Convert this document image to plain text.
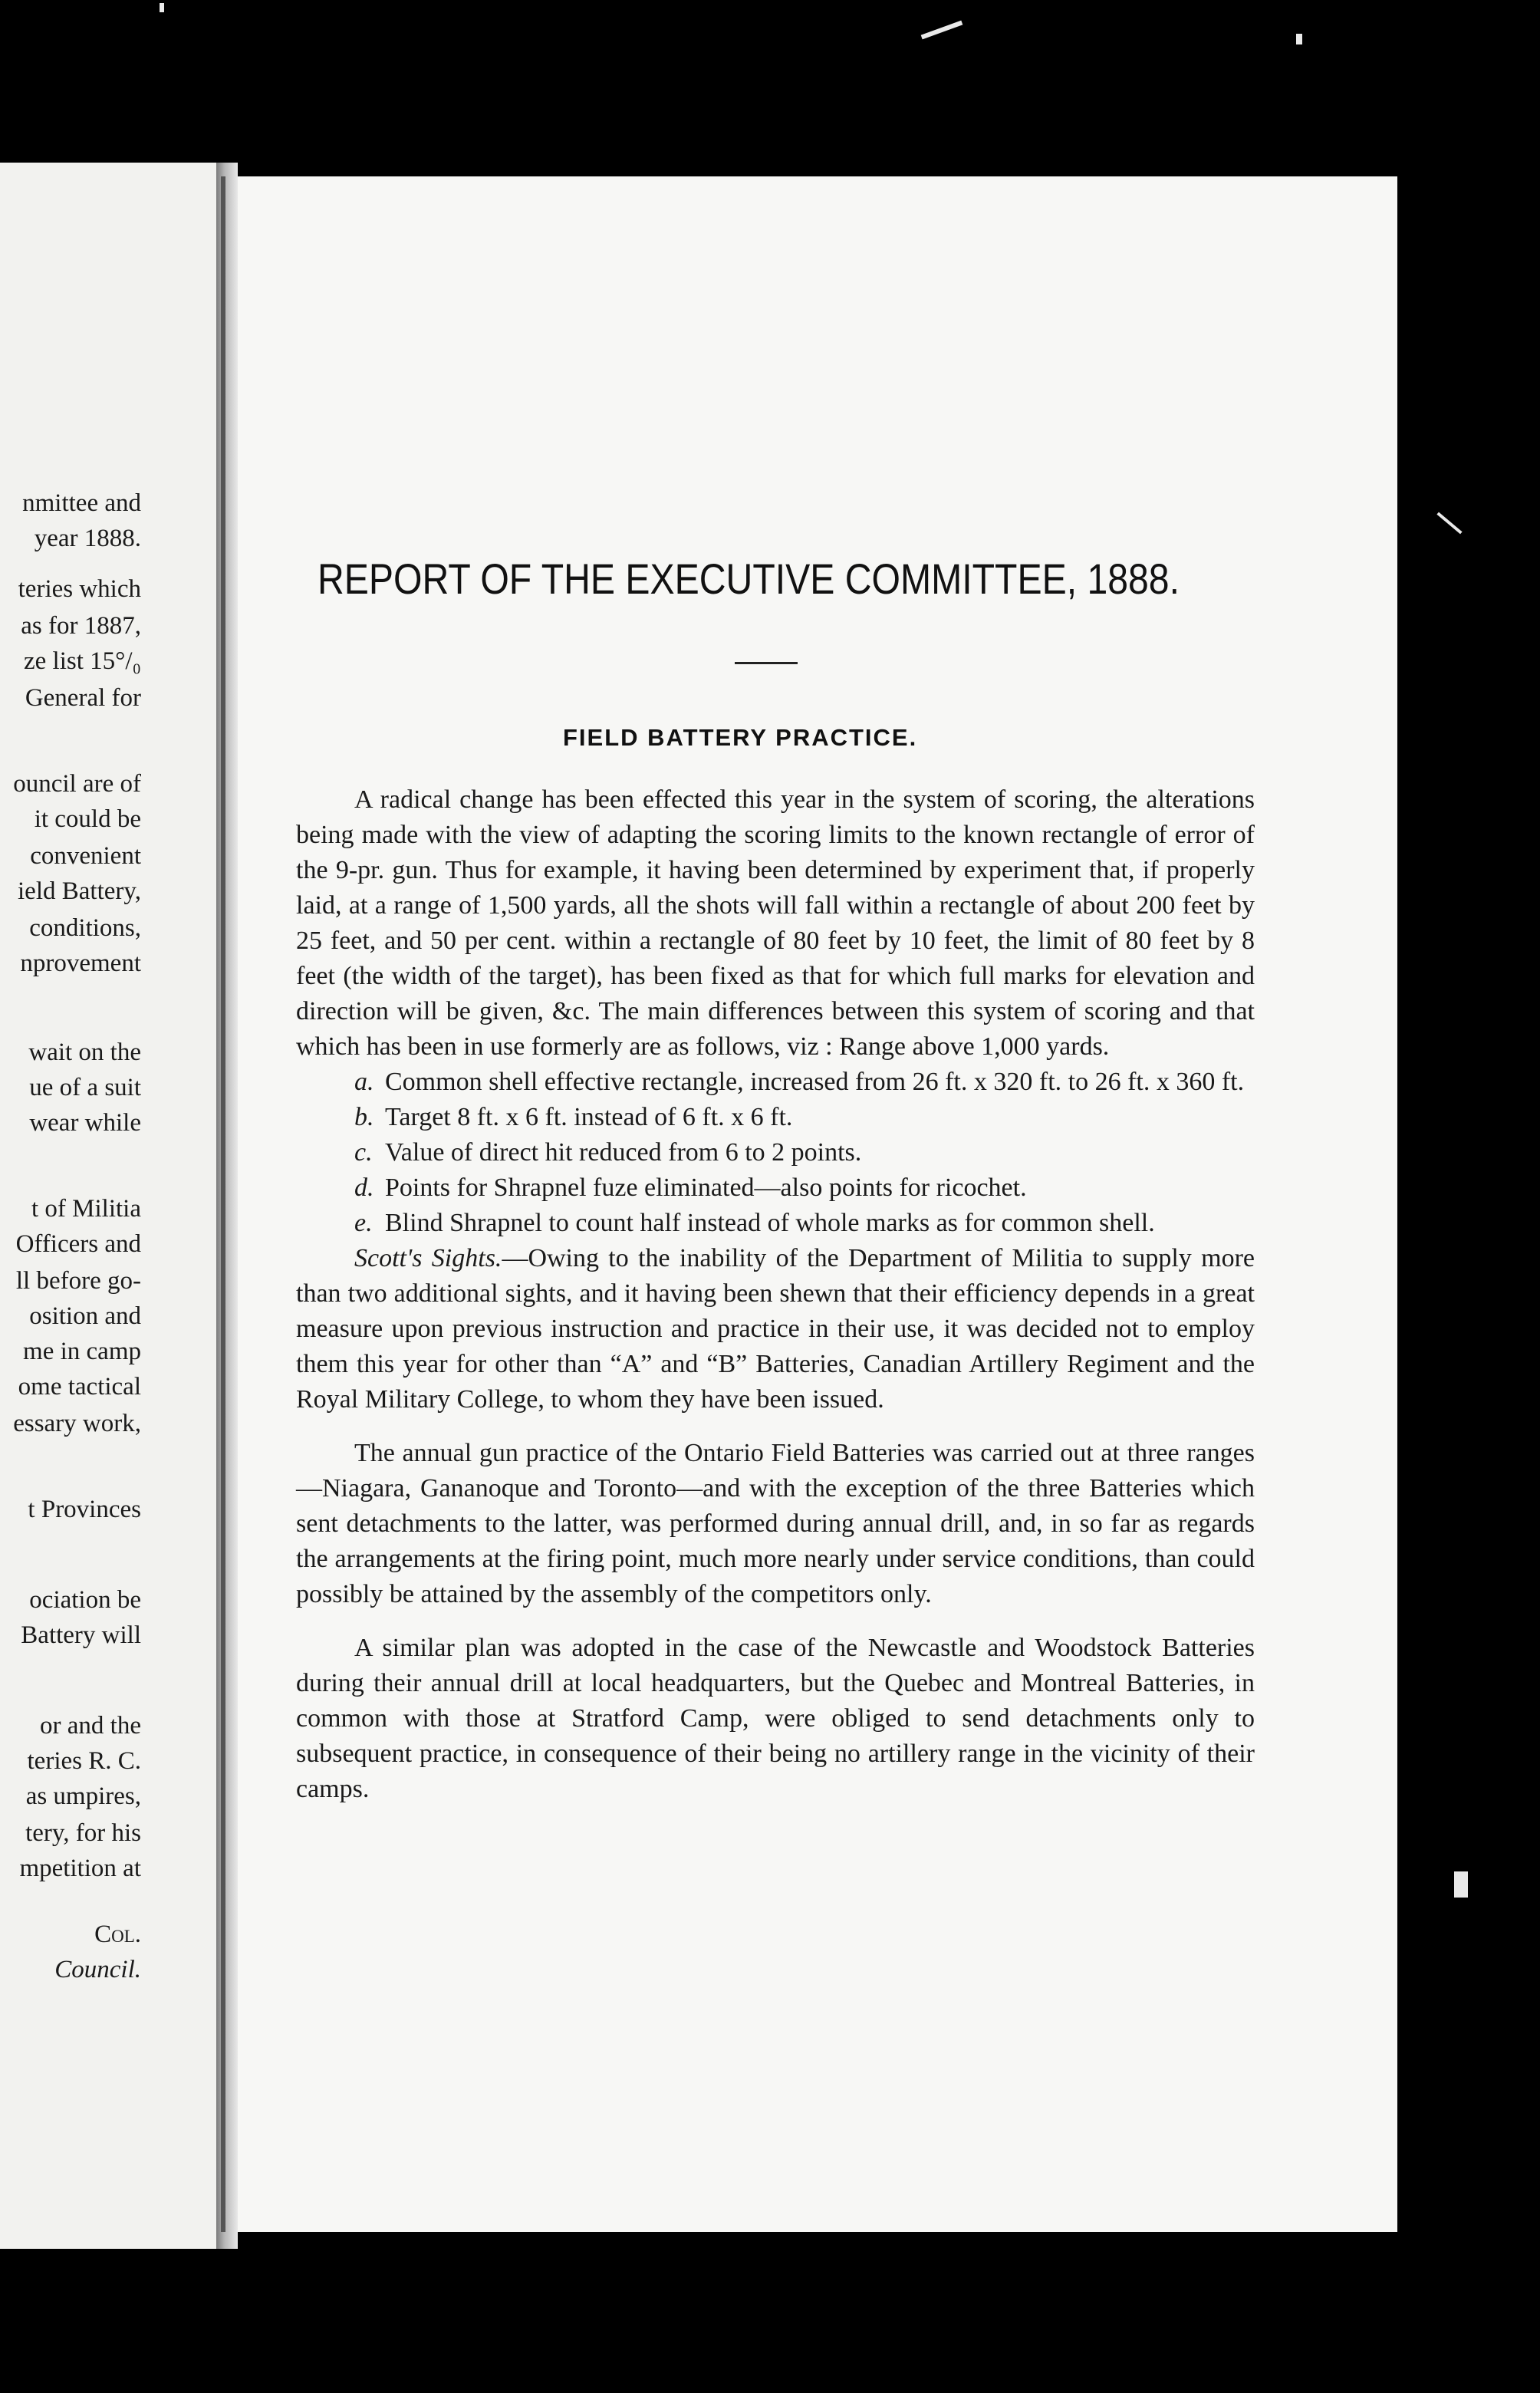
nmittee and
year 1888.
teries which
as for 1887,
ze list 15°/₀
General for
ouncil are of
it could be
convenient
ield Battery,
conditions,
nprovement
wait on the
ue of a suit
wear while
t of Militia
Officers and
ll before go-
osition and
me in camp
ome tactical
essary work,
t Provinces
ociation be
Battery will
or and the
teries R. C.
as umpires,
tery, for his
mpetition at
Col.
Council.
REPORT OF THE EXECUTIVE COMMITTEE, 1888.
FIELD BATTERY PRACTICE.

A radical change has been effected this year in the system of scoring, the alterations being made with the view of adapting the scoring limits to the known rectangle of error of the 9-pr. gun. Thus for example, it having been determined by experiment that, if properly laid, at a range of 1,500 yards, all the shots will fall within a rectangle of about 200 feet by 25 feet, and 50 per cent. within a rectangle of 80 feet by 10 feet, the limit of 80 feet by 8 feet (the width of the target), has been fixed as that for which full marks for elevation and direction will be given, &c. The main differences between this system of scoring and that which has been in use formerly are as follows, viz : Range above 1,000 yards.

a. Common shell effective rectangle, increased from 26 ft. x 320 ft. to 26 ft. x 360 ft.

b. Target 8 ft. x 6 ft. instead of 6 ft. x 6 ft.

c. Value of direct hit reduced from 6 to 2 points.

d. Points for Shrapnel fuze eliminated—also points for ricochet.

e. Blind Shrapnel to count half instead of whole marks as for common shell.

Scott's Sights.—Owing to the inability of the Department of Militia to supply more than two additional sights, and it having been shewn that their efficiency depends in a great measure upon previous instruction and practice in their use, it was decided not to employ them this year for other than “A” and “B” Batteries, Canadian Artillery Regiment and the Royal Military College, to whom they have been issued.

The annual gun practice of the Ontario Field Batteries was carried out at three ranges—Niagara, Gananoque and Toronto—and with the exception of the three Batteries which sent detachments to the latter, was performed during annual drill, and, in so far as regards the arrangements at the firing point, much more nearly under service conditions, than could possibly be attained by the assembly of the competitors only.

A similar plan was adopted in the case of the Newcastle and Woodstock Batteries during their annual drill at local headquarters, but the Quebec and Montreal Batteries, in common with those at Stratford Camp, were obliged to send detachments only to subsequent practice, in consequence of their being no artillery range in the vicinity of their camps.
